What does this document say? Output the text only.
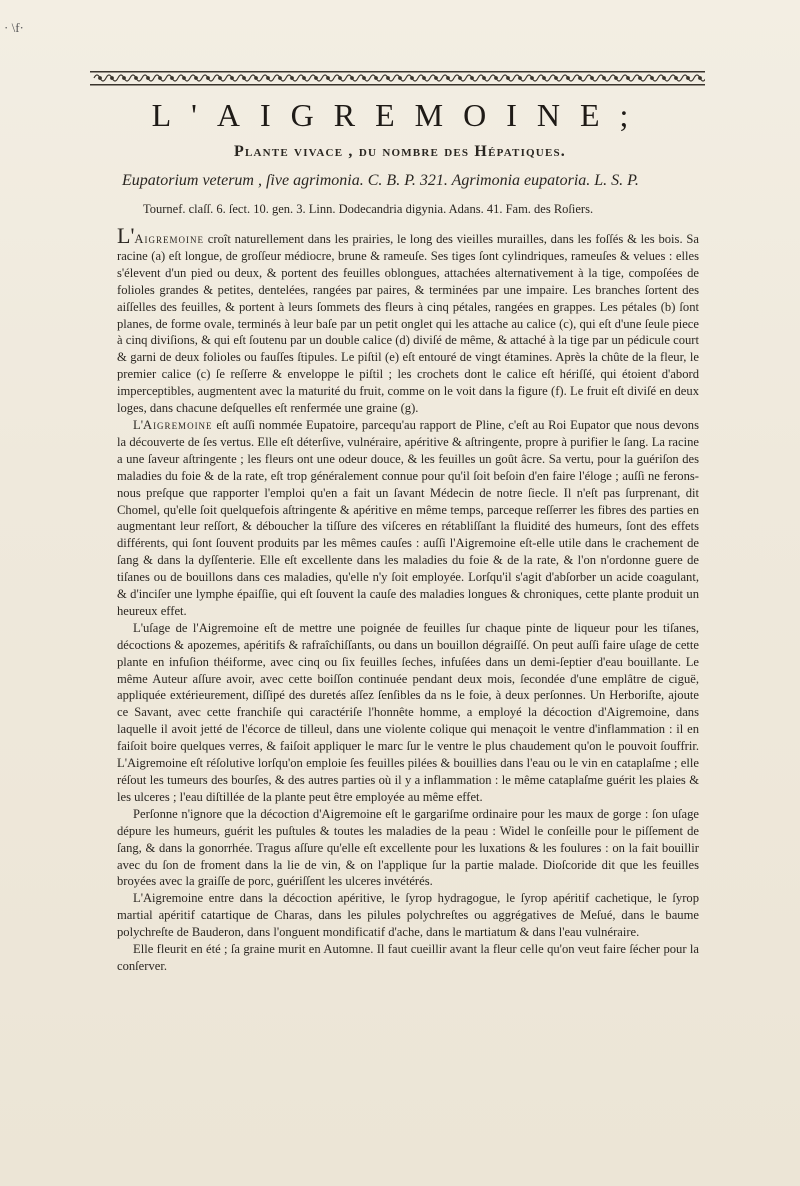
· \f·
L'AIGREMOINE;
Plante vivace , du nombre des Hépatiques.
Eupatorium veterum , ſive agrimonia. C. B. P. 321. Agrimonia eupatoria. L. S. P.
Tournef. claſſ. 6. ſect. 10. gen. 3. Linn. Dodecandria digynia. Adans. 41. Fam. des Roſiers.

L'Aigremoine croît naturellement dans les prairies, le long des vieilles murailles, dans les foſſés & les bois. Sa racine (a) eſt longue, de groſſeur médiocre, brune & rameuſe. Ses tiges ſont cylindriques, rameuſes & velues : elles s'élevent d'un pied ou deux, & portent des feuilles oblongues, attachées alternativement à la tige, compoſées de folioles grandes & petites, dentelées, rangées par paires, & terminées par une impaire. Les branches ſortent des aiſſelles des feuilles, & portent à leurs ſommets des fleurs à cinq pétales, rangées en grappes. Les pétales (b) ſont planes, de forme ovale, terminés à leur baſe par un petit onglet qui les attache au calice (c), qui eſt d'une ſeule piece à cinq diviſions, & qui eſt ſoutenu par un double calice (d) diviſé de même, & attaché à la tige par un pédicule court & garni de deux folioles ou fauſſes ſtipules. Le piſtil (e) eſt entouré de vingt étamines. Après la chûte de la fleur, le premier calice (c) ſe reſſerre & enveloppe le piſtil ; les crochets dont le calice eſt hériſſé, qui étoient d'abord imperceptibles, augmentent avec la maturité du fruit, comme on le voit dans la figure (f). Le fruit eſt diviſé en deux loges, dans chacune deſquelles eſt renfermée une graine (g).

L'Aigremoine eſt auſſi nommée Eupatoire, parcequ'au rapport de Pline, c'eſt au Roi Eupator que nous devons la découverte de ſes vertus. Elle eſt déterſive, vulnéraire, apéritive & aſtringente, propre à purifier le ſang. La racine a une ſaveur aſtringente ; les fleurs ont une odeur douce, & les feuilles un goût âcre. Sa vertu, pour la guériſon des maladies du foie & de la rate, eſt trop généralement connue pour qu'il ſoit beſoin d'en faire l'éloge ; auſſi ne ferons-nous preſque que rapporter l'emploi qu'en a fait un ſavant Médecin de notre ſiecle. Il n'eſt pas ſurprenant, dit Chomel, qu'elle ſoit quelquefois aſtringente & apéritive en même temps, parceque reſſerrer les fibres des parties en augmentant leur reſſort, & déboucher la tiſſure des viſceres en rétabliſſant la fluidité des humeurs, ſont des effets différents, qui ſont ſouvent produits par les mêmes cauſes : auſſi l'Aigremoine eſt-elle utile dans le crachement de ſang & dans la dyſſenterie. Elle eſt excellente dans les maladies du foie & de la rate, & l'on n'ordonne guere de tiſanes ou de bouillons dans ces maladies, qu'elle n'y ſoit employée. Lorſqu'il s'agit d'abſorber un acide coagulant, & d'inciſer une lymphe épaiſſie, qui eſt ſouvent la cauſe des maladies longues & chroniques, cette plante produit un heureux effet.

L'uſage de l'Aigremoine eſt de mettre une poignée de feuilles ſur chaque pinte de liqueur pour les tiſanes, décoctions & apozemes, apéritifs & rafraîchiſſants, ou dans un bouillon dégraiſſé. On peut auſſi faire uſage de cette plante en infuſion théiforme, avec cinq ou ſix feuilles ſeches, infuſées dans un demi-ſeptier d'eau bouillante. Le même Auteur aſſure avoir, avec cette boiſſon continuée pendant deux mois, ſecondée d'une emplâtre de ciguë, appliquée extérieurement, diſſipé des duretés aſſez ſenſibles da ns le foie, à deux perſonnes. Un Herboriſte, ajoute ce Savant, avec cette franchiſe qui caractériſe l'honnête homme, a employé la décoction d'Aigremoine, dans laquelle il avoit jetté de l'écorce de tilleul, dans une violente colique qui menaçoit le ventre d'inflammation : il en faiſoit boire quelques verres, & faiſoit appliquer le marc ſur le ventre le plus chaudement qu'on le pouvoit ſouffrir. L'Aigremoine eſt réſolutive lorſqu'on emploie ſes feuilles pilées & bouillies dans l'eau ou le vin en cataplaſme ; elle réſout les tumeurs des bourſes, & des autres parties où il y a inflammation : le même cataplaſme guérit les plaies & les ulceres ; l'eau diſtillée de la plante peut être employée au même effet.

Perſonne n'ignore que la décoction d'Aigremoine eſt le gargariſme ordinaire pour les maux de gorge : ſon uſage dépure les humeurs, guérit les puſtules & toutes les maladies de la peau : Widel le conſeille pour le piſſement de ſang, & dans la gonorrhée. Tragus aſſure qu'elle eſt excellente pour les luxations & les foulures : on la fait bouillir avec du ſon de froment dans la lie de vin, & on l'applique ſur la partie malade. Dioſcoride dit que les feuilles broyées avec la graiſſe de porc, guériſſent les ulceres invétérés.

L'Aigremoine entre dans la décoction apéritive, le ſyrop hydragogue, le ſyrop apéritif cachetique, le ſyrop martial apéritif catartique de Charas, dans les pilules polychreſtes ou aggrégatives de Meſué, dans le baume polychreſte de Bauderon, dans l'onguent mondificatif d'ache, dans le martiatum & dans l'eau vulnéraire.

Elle fleurit en été ; ſa graine murit en Automne. Il faut cueillir avant la fleur celle qu'on veut faire ſécher pour la conſerver.
